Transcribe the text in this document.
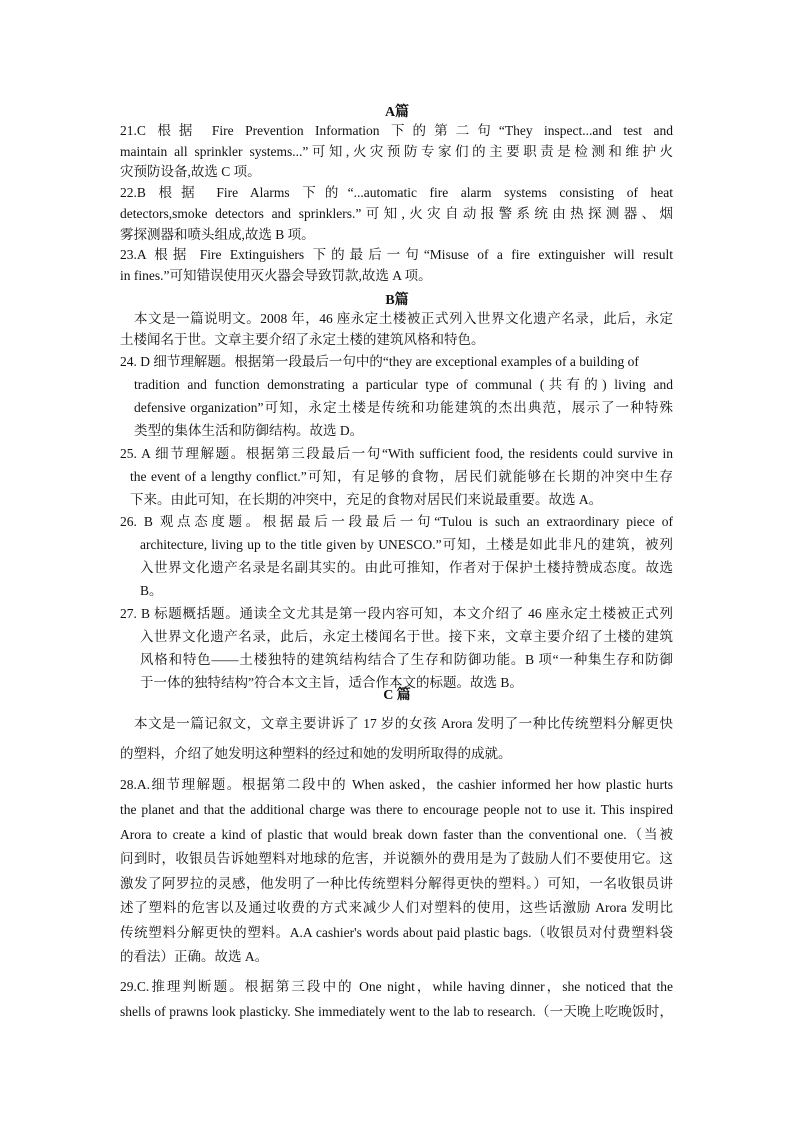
A篇
21.C 根据 Fire Prevention Information 下的第二句“They inspect...and test and
maintain all sprinkler systems...”可知,火灾预防专家们的主要职责是检测和维护火
灾预防设备,故选 C 项。
22.B 根据 Fire Alarms 下的“...automatic fire alarm systems consisting of heat
detectors,smoke detectors and sprinklers.”可知,火灾自动报警系统由热探测器、烟
雾探测器和喷头组成,故选 B 项。
23.A 根据 Fire Extinguishers 下的最后一句“Misuse of a fire extinguisher will result
in fines.”可知错误使用灭火器会导致罚款,故选 A 项。
B篇
本文是一篇说明文。2008 年，46 座永定土楼被正式列入世界文化遗产名录，此后，永定
土楼闻名于世。文章主要介绍了永定土楼的建筑风格和特色。
24. D 细节理解题。根据第一段最后一句中的“they are exceptional examples of a building of
tradition and function demonstrating a particular type of communal (共有的) living and
defensive organization”可知，永定土楼是传统和功能建筑的杰出典范，展示了一种特殊
类型的集体生活和防御结构。故选 D。
25. A 细节理解题。根据第三段最后一句“With sufficient food, the residents could survive in
the event of a lengthy conflict.”可知，有足够的食物，居民们就能够在长期的冲突中生存
下来。由此可知，在长期的冲突中，充足的食物对居民们来说最重要。故选 A。
26. B 观点态度题。根据最后一段最后一句“Tulou is such an extraordinary piece of
architecture, living up to the title given by UNESCO.”可知，土楼是如此非凡的建筑，被列
入世界文化遗产名录是名副其实的。由此可推知，作者对于保护土楼持赞成态度。故选
B。
27. B 标题概括题。通读全文尤其是第一段内容可知，本文介绍了 46 座永定土楼被正式列
入世界文化遗产名录，此后，永定土楼闻名于世。接下来，文章主要介绍了土楼的建筑
风格和特色——土楼独特的建筑结构结合了生存和防御功能。B 项“一种集生存和防御
于一体的独特结构”符合本文主旨，适合作本文的标题。故选 B。
C 篇
本文是一篇记叙文，文章主要讲诉了 17 岁的女孩 Arora 发明了一种比传统塑料分解更快
的塑料，介绍了她发明这种塑料的经过和她的发明所取得的成就。
28.A.细节理解题。根据第二段中的 When asked，the cashier informed her how plastic hurts
the planet and that the additional charge was there to encourage people not to use it. This inspired
Arora to create a kind of plastic that would break down faster than the conventional one.（当被
问到时，收银员告诉她塑料对地球的危害，并说额外的费用是为了鼓励人们不要使用它。这
激发了阿罗拉的灵感，他发明了一种比传统塑料分解得更快的塑料。）可知，一名收银员讲
述了塑料的危害以及通过收费的方式来减少人们对塑料的使用，这些话激励 Arora 发明比
传统塑料分解更快的塑料。A.A cashier's words about paid plastic bags.（收银员对付费塑料袋
的看法）正确。故选 A。
29.C.推理判断题。根据第三段中的 One night，while having dinner，she noticed that the
shells of prawns look plasticky. She immediately went to the lab to research.（一天晚上吃晚饭时，
